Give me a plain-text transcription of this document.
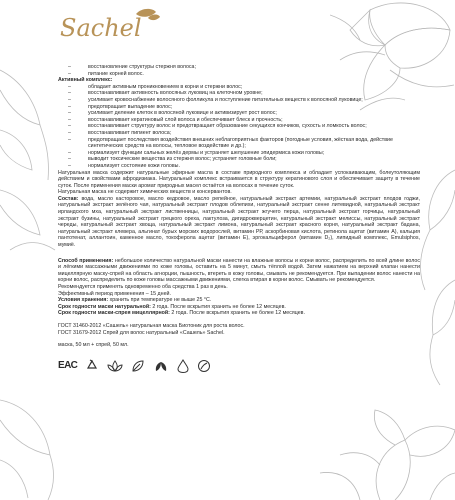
Sachel
– восстановление структуры стержня волоса;
– питание корней волос.
Активный комплекс:
– обладает активным проникновением в корни и стержни волос;
– восстанавливает активность волосяных луковиц на клеточном уровне;
– усиливает кровоснабжение волосяного фолликула и поступление питательных веществ к волосяной луковице;
– предотвращает выпадение волос;
– усиливает деление клеток в волосяной луковице и активизирует рост волос;
– восстанавливает кератиновый слой волоса и обеспечивает блеск и прочность;
– восстанавливает структуру волос и предотвращает образование секущихся кончиков, сухость и ломкость волос;
– восстанавливает пигмент волоса;
– предотвращает последствия воздействия внешних неблагоприятных факторов (погодные условия, жёсткая вода, действие синтетических средств на волосы, тепловое воздействие и др.);
– нормализует функции сальных желёз дермы и устраняет шелушение эпидермиса кожи головы;
– выводит токсические вещества из стержня волос; устраняет головные боли;
– нормализует состояние кожи головы.

Натуральная маска содержит натуральные эфирные масла в составе природного комплекса и обладает успокаивающим, болеутоляющим действием и свойствами афродизиака. Натуральный комплекс встраивается в структуру кератинового слоя и обеспечивает защиту в течение суток. После применения маски аромат природных масел остаётся на волосах в течение суток.

Натуральная маска не содержит химических веществ и консервантов.

Состав: вода, масло касторовое, масло кедровое, масло репейное, натуральный экстракт артемии, натуральный экстракт плодов годжи, натуральный экстракт зелёного чая, натуральный экстракт плодов облепихи, натуральный экстракт сенне литевидной, натуральный экстракт ирландского мха, натуральный экстракт лиственницы, натуральный экстракт жгучего перца, натуральный экстракт горчицы, натуральный экстракт бузины, натуральный экстракт грецкого ореха, лактулоза, дигидрокверцетин, натуральный экстракт мелиссы, натуральный экстракт череды, натуральный экстракт хвоща, натуральный экстракт лимона, натуральный экстракт красного корня, натуральный экстракт бадана, натуральный экстракт клевера, альгинат бурых морских водорослей, витамин РР, аскорбиновая кислота, ретинола ацетат (витамин А), кальция пантотенат, аллантоин, каменное масло, токоферола ацетат (витамин Е), эргокальциферол (витамин D₂), липидный комплекс, Emulsiphos, мумиё.

Способ применения: небольшое количество натуральной маски нанести на влажные волосы и корни волос, распределить по всей длине волос и лёгкими массажными движениями по коже головы, оставить на 5 минут, смыть тёплой водой. Затем нажатием на верхний клапан нанести мицеллярную маску-спрей на область агнорции, пышность, втереть в кожу головы, смывать не рекомендуется. При выпадении волос нанести на корни волос, распределить по коже головы массажными движениями, слегка втирая в корни волос. Смывать не рекомендуется.

Рекомендуется применять одновременно оба средства 1 раз в день.

Эффективный период применения – 15 дней.

Условия хранения: хранить при температуре не выше 25 °С.

Срок годности маски натуральной: 2 года. После вскрытия хранить не более 12 месяцев.

Срок годности маски-спрея мицеллярной: 2 года. После вскрытия хранить не более 12 месяцев.

ГОСТ 31460-2012 «Сашель» натуральная маска Биотоник для роста волос.

ГОСТ 31679-2012 Спрей для волос натуральный «Сашель» Sachel.

маска, 50 мл + спрей, 50 мл.

ЕАС
